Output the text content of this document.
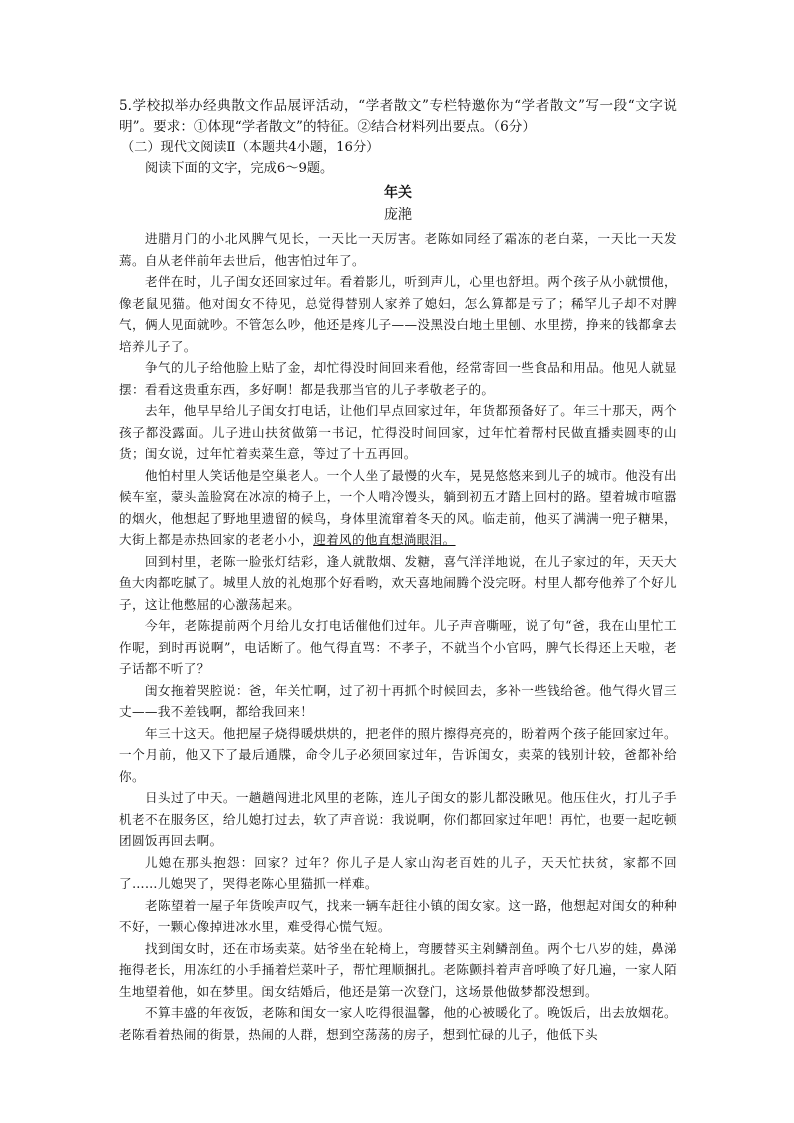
5.学校拟举办经典散文作品展评活动，“学者散文”专栏特邀你为“学者散文”写一段“文字说明”。要求：①体现“学者散文”的特征。②结合材料列出要点。（6分）

（二）现代文阅读Ⅱ（本题共4小题，16分）

阅读下面的文字，完成6～9题。

年关

庞滟

进腊月门的小北风脾气见长，一天比一天厉害。老陈如同经了霜冻的老白菜，一天比一天发蔫。自从老伴前年去世后，他害怕过年了。

老伴在时，儿子闺女还回家过年。看着影儿，听到声儿，心里也舒坦。两个孩子从小就惯他，像老鼠见猫。他对闺女不待见，总觉得替别人家养了媳妇，怎么算都是亏了；稀罕儿子却不对脾气，俩人见面就吵。不管怎么吵，他还是疼儿子——没黑没白地土里刨、水里捞，挣来的钱都拿去培养儿子了。

争气的儿子给他脸上贴了金，却忙得没时间回来看他，经常寄回一些食品和用品。他见人就显摆：看看这贵重东西，多好啊！都是我那当官的儿子孝敬老子的。

去年，他早早给儿子闺女打电话，让他们早点回家过年，年货都预备好了。年三十那天，两个孩子都没露面。儿子进山扶贫做第一书记，忙得没时间回家，过年忙着帮村民做直播卖圆枣的山货；闺女说，过年忙着卖菜生意，等过了十五再回。

他怕村里人笑话他是空巢老人。一个人坐了最慢的火车，晃晃悠悠来到儿子的城市。他没有出候车室，蒙头盖脸窝在冰凉的椅子上，一个人啃冷馒头，躺到初五才踏上回村的路。望着城市喧嚣的烟火，他想起了野地里遗留的候鸟，身体里流窜着冬天的风。临走前，他买了满满一兜子糖果，大街上都是赤热回家的老老小小，迎着风的他直想淌眼泪。

回到村里，老陈一脸张灯结彩，逢人就散烟、发糖，喜气洋洋地说，在儿子家过的年，天天大鱼大肉都吃腻了。城里人放的礼炮那个好看哟，欢天喜地闹腾个没完呀。村里人都夸他养了个好儿子，这让他憋屈的心激荡起来。

今年，老陈提前两个月给儿女打电话催他们过年。儿子声音嘶哑，说了句“爸，我在山里忙工作呢，到时再说啊”，电话断了。他气得直骂：不孝子，不就当个小官吗，脾气长得还上天啦，老子话都不听了？

闺女拖着哭腔说：爸，年关忙啊，过了初十再抓个时候回去，多补一些钱给爸。他气得火冒三丈——我不差钱啊，都给我回来！

年三十这天。他把屋子烧得暖烘烘的，把老伴的照片擦得亮亮的，盼着两个孩子能回家过年。一个月前，他又下了最后通牒，命令儿子必须回家过年，告诉闺女，卖菜的钱别计较，爸都补给你。

日头过了中天。一趟趟闯进北风里的老陈，连儿子闺女的影儿都没瞅见。他压住火，打儿子手机老不在服务区，给儿媳打过去，软了声音说：我说啊，你们都回家过年吧！再忙，也要一起吃顿团圆饭再回去啊。

儿媳在那头抱怨：回家？过年？你儿子是人家山沟老百姓的儿子，天天忙扶贫，家都不回了……儿媳哭了，哭得老陈心里猫抓一样难。

老陈望着一屋子年货唉声叹气，找来一辆车赶往小镇的闺女家。这一路，他想起对闺女的种种不好，一颗心像掉进冰水里，难受得心慌气短。

找到闺女时，还在市场卖菜。姑爷坐在轮椅上，弯腰替买主剁鳞剖鱼。两个七八岁的娃，鼻涕拖得老长，用冻红的小手捅着烂菜叶子，帮忙理顺捆扎。老陈颤抖着声音呼唤了好几遍，一家人陌生地望着他，如在梦里。闺女结婚后，他还是第一次登门，这场景他做梦都没想到。

不算丰盛的年夜饭，老陈和闺女一家人吃得很温馨，他的心被暖化了。晚饭后，出去放烟花。老陈看着热闹的街景，热闹的人群，想到空荡荡的房子，想到忙碌的儿子，他低下头
